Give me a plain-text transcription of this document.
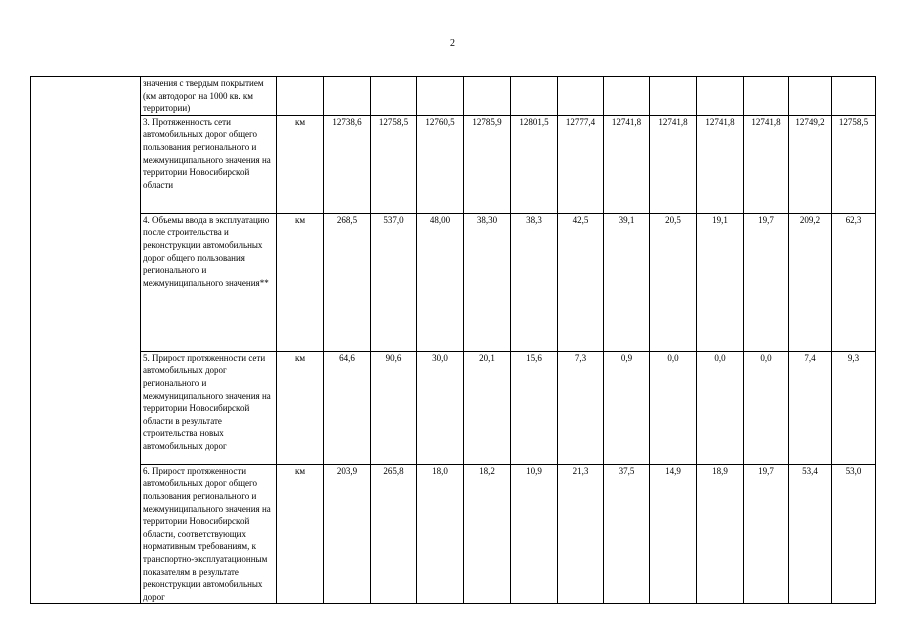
2
	значения с твердым покрытием (км автодорог на 1000 кв. км территории)													
	3. Протяженность сети автомобильных дорог общего пользования регионального и межмуниципального значения на территории Новосибирской области	км	12738,6	12758,5	12760,5	12785,9	12801,5	12777,4	12741,8	12741,8	12741,8	12741,8	12749,2	12758,5
	4. Объемы ввода в эксплуатацию после строительства и реконструкции автомобильных дорог общего пользования регионального и межмуниципального значения**	км	268,5	537,0	48,00	38,30	38,3	42,5	39,1	20,5	19,1	19,7	209,2	62,3
	5. Прирост протяженности сети автомобильных дорог регионального и межмуниципального значения на территории Новосибирской области в результате строительства новых автомобильных дорог	км	64,6	90,6	30,0	20,1	15,6	7,3	0,9	0,0	0,0	0,0	7,4	9,3
	6. Прирост протяженности автомобильных дорог общего пользования регионального и межмуниципального значения на территории Новосибирской области, соответствующих нормативным требованиям, к транспортно-эксплуатационным показателям в результате реконструкции автомобильных дорог	км	203,9	265,8	18,0	18,2	10,9	21,3	37,5	14,9	18,9	19,7	53,4	53,0
